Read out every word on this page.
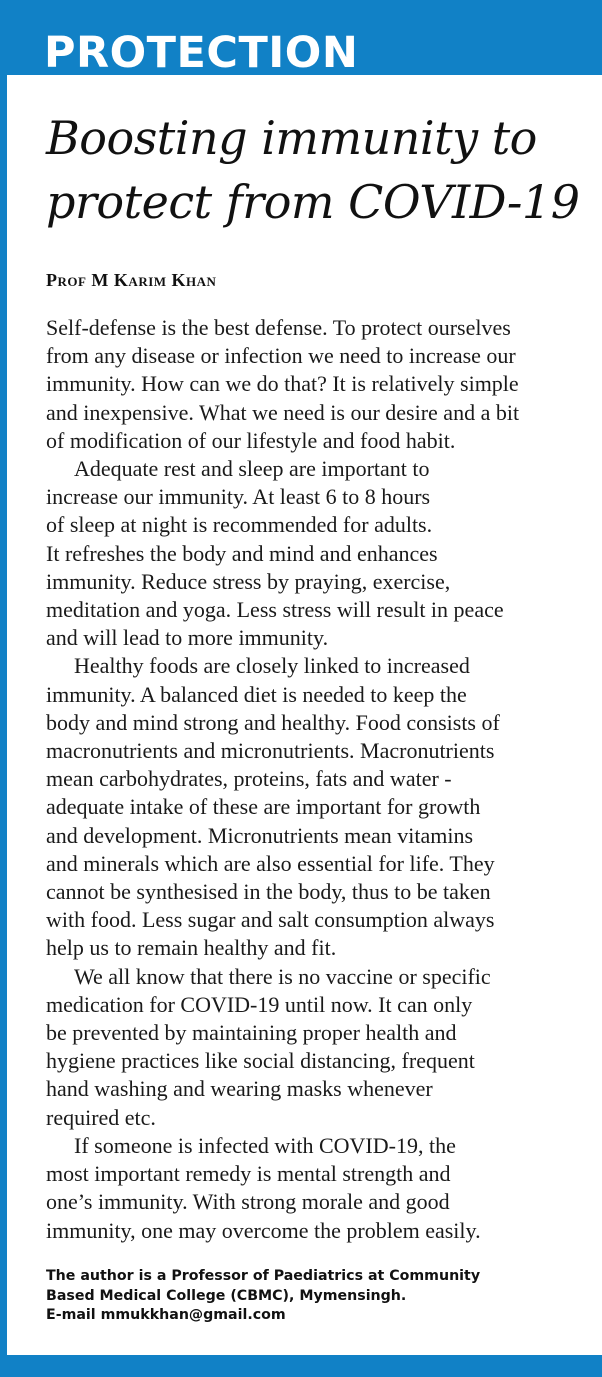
PROTECTION
Boosting immunity to
protect from COVID-19
Prof M Karim Khan

Self-defense is the best defense. To protect ourselvesfrom any disease or infection we need to increase ourimmunity. How can we do that? It is relatively simpleand inexpensive. What we need is our desire and a bitof modification of our lifestyle and food habit.

Adequate rest and sleep are important toincrease our immunity. At least 6 to 8 hoursof sleep at night is recommended for adults.It refreshes the body and mind and enhancesimmunity. Reduce stress by praying, exercise,meditation and yoga. Less stress will result in peaceand will lead to more immunity.

Healthy foods are closely linked to increasedimmunity. A balanced diet is needed to keep thebody and mind strong and healthy. Food consists ofmacronutrients and micronutrients. Macronutrientsmean carbohydrates, proteins, fats and water -adequate intake of these are important for growthand development. Micronutrients mean vitaminsand minerals which are also essential for life. Theycannot be synthesised in the body, thus to be takenwith food. Less sugar and salt consumption alwayshelp us to remain healthy and fit.

We all know that there is no vaccine or specificmedication for COVID-19 until now. It can onlybe prevented by maintaining proper health andhygiene practices like social distancing, frequenthand washing and wearing masks wheneverrequired etc.

If someone is infected with COVID-19, themost important remedy is mental strength andone’s immunity. With strong morale and goodimmunity, one may overcome the problem easily.

The author is a Professor of Paediatrics at Community
Based Medical College (CBMC), Mymensingh.
E-mail mmukkhan@gmail.com
